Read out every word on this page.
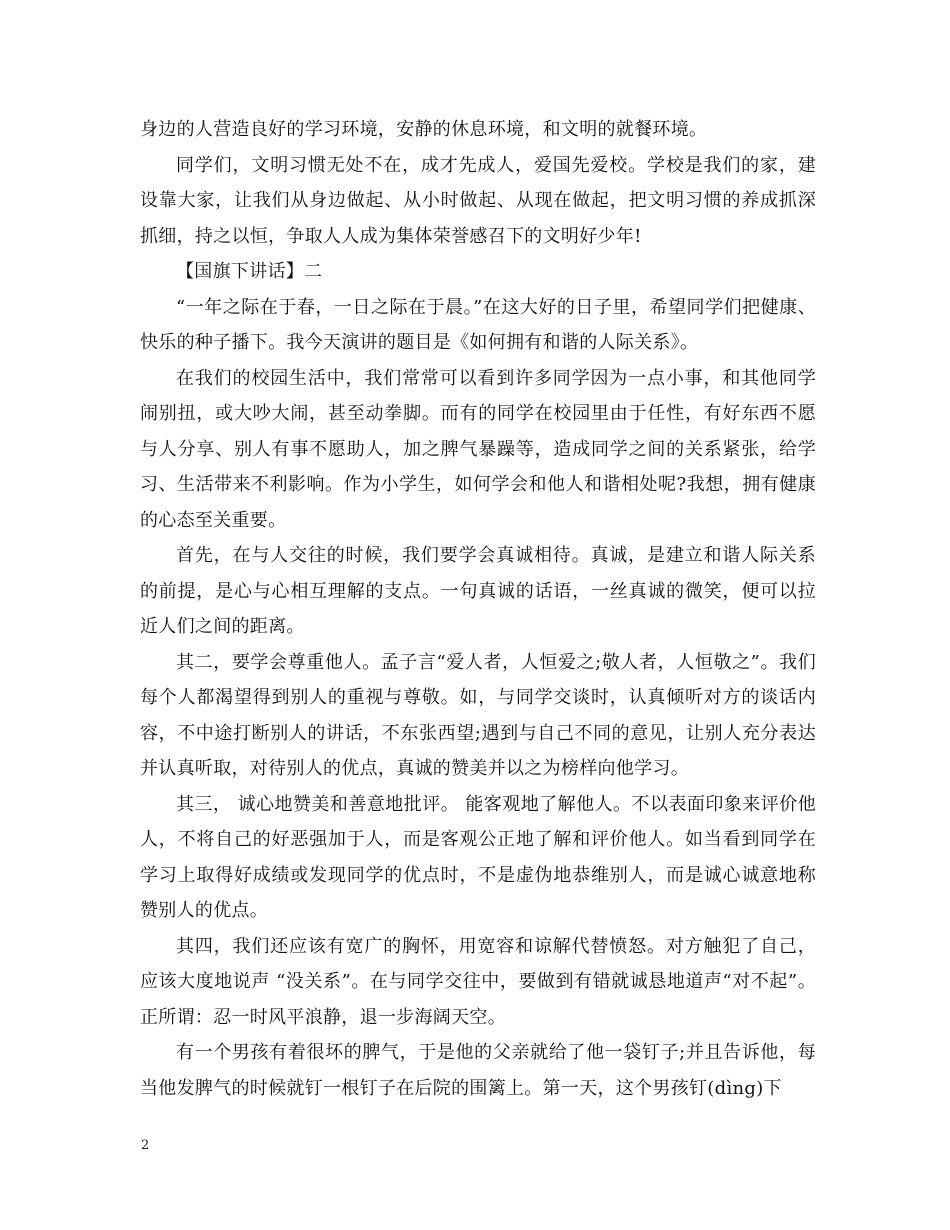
身边的人营造良好的学习环境，安静的休息环境，和文明的就餐环境。

同学们，文明习惯无处不在，成才先成人，爱国先爱校。学校是我们的家，建设靠大家，让我们从身边做起、从小时做起、从现在做起，把文明习惯的养成抓深抓细，持之以恒，争取人人成为集体荣誉感召下的文明好少年!

【国旗下讲话】二

“一年之际在于春，一日之际在于晨。”在这大好的日子里，希望同学们把健康、快乐的种子播下。我今天演讲的题目是《如何拥有和谐的人际关系》。

在我们的校园生活中，我们常常可以看到许多同学因为一点小事，和其他同学闹别扭，或大吵大闹，甚至动拳脚。而有的同学在校园里由于任性，有好东西不愿与人分享、别人有事不愿助人，加之脾气暴躁等，造成同学之间的关系紧张，给学习、生活带来不利影响。作为小学生，如何学会和他人和谐相处呢?我想，拥有健康的心态至关重要。

首先，在与人交往的时候，我们要学会真诚相待。真诚，是建立和谐人际关系的前提，是心与心相互理解的支点。一句真诚的话语，一丝真诚的微笑，便可以拉近人们之间的距离。

其二，要学会尊重他人。孟子言“爱人者，人恒爱之;敬人者，人恒敬之”。我们每个人都渴望得到别人的重视与尊敬。如，与同学交谈时，认真倾听对方的谈话内容，不中途打断别人的讲话，不东张西望;遇到与自己不同的意见，让别人充分表达并认真听取，对待别人的优点，真诚的赞美并以之为榜样向他学习。

其三， 诚心地赞美和善意地批评。 能客观地了解他人。不以表面印象来评价他人，不将自己的好恶强加于人，而是客观公正地了解和评价他人。如当看到同学在学习上取得好成绩或发现同学的优点时，不是虚伪地恭维别人，而是诚心诚意地称赞别人的优点。

其四，我们还应该有宽广的胸怀，用宽容和谅解代替愤怒。对方触犯了自己，应该大度地说声 “没关系”。在与同学交往中，要做到有错就诚恳地道声“对不起”。正所谓：忍一时风平浪静，退一步海阔天空。

有一个男孩有着很坏的脾气，于是他的父亲就给了他一袋钉子;并且告诉他，每当他发脾气的时候就钉一根钉子在后院的围篱上。第一天，这个男孩钉(dìng)下

2
